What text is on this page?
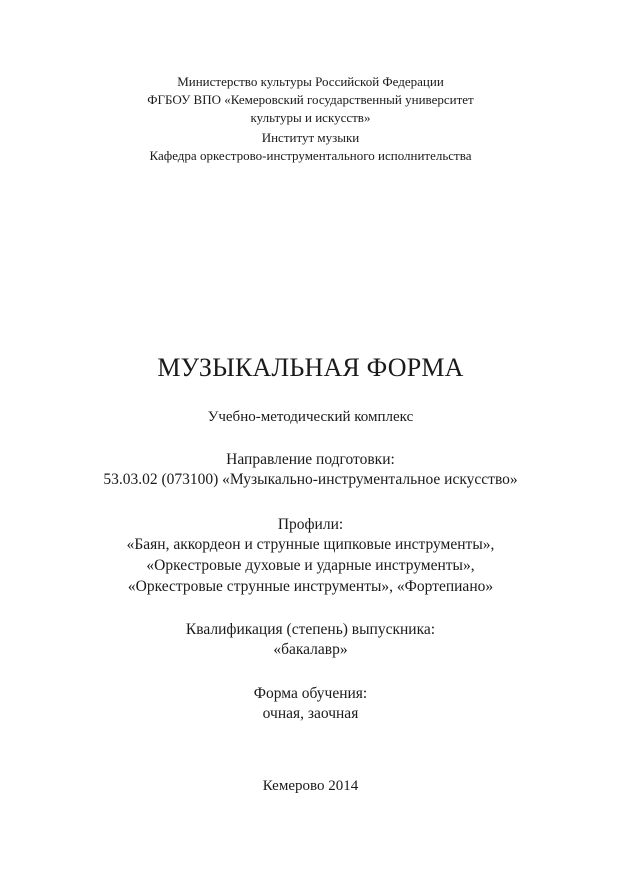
Министерство культуры Российской Федерации
ФГБОУ ВПО «Кемеровский государственный университет
культуры и искусств»
Институт музыки
Кафедра оркестрово-инструментального исполнительства
МУЗЫКАЛЬНАЯ ФОРМА
Учебно-методический комплекс
Направление подготовки:
53.03.02 (073100) «Музыкально-инструментальное искусство»
Профили:
«Баян, аккордеон и струнные щипковые инструменты»,
«Оркестровые духовые и ударные инструменты»,
«Оркестровые струнные инструменты», «Фортепиано»
Квалификация (степень) выпускника:
«бакалавр»
Форма обучения:
очная, заочная
Кемерово 2014
